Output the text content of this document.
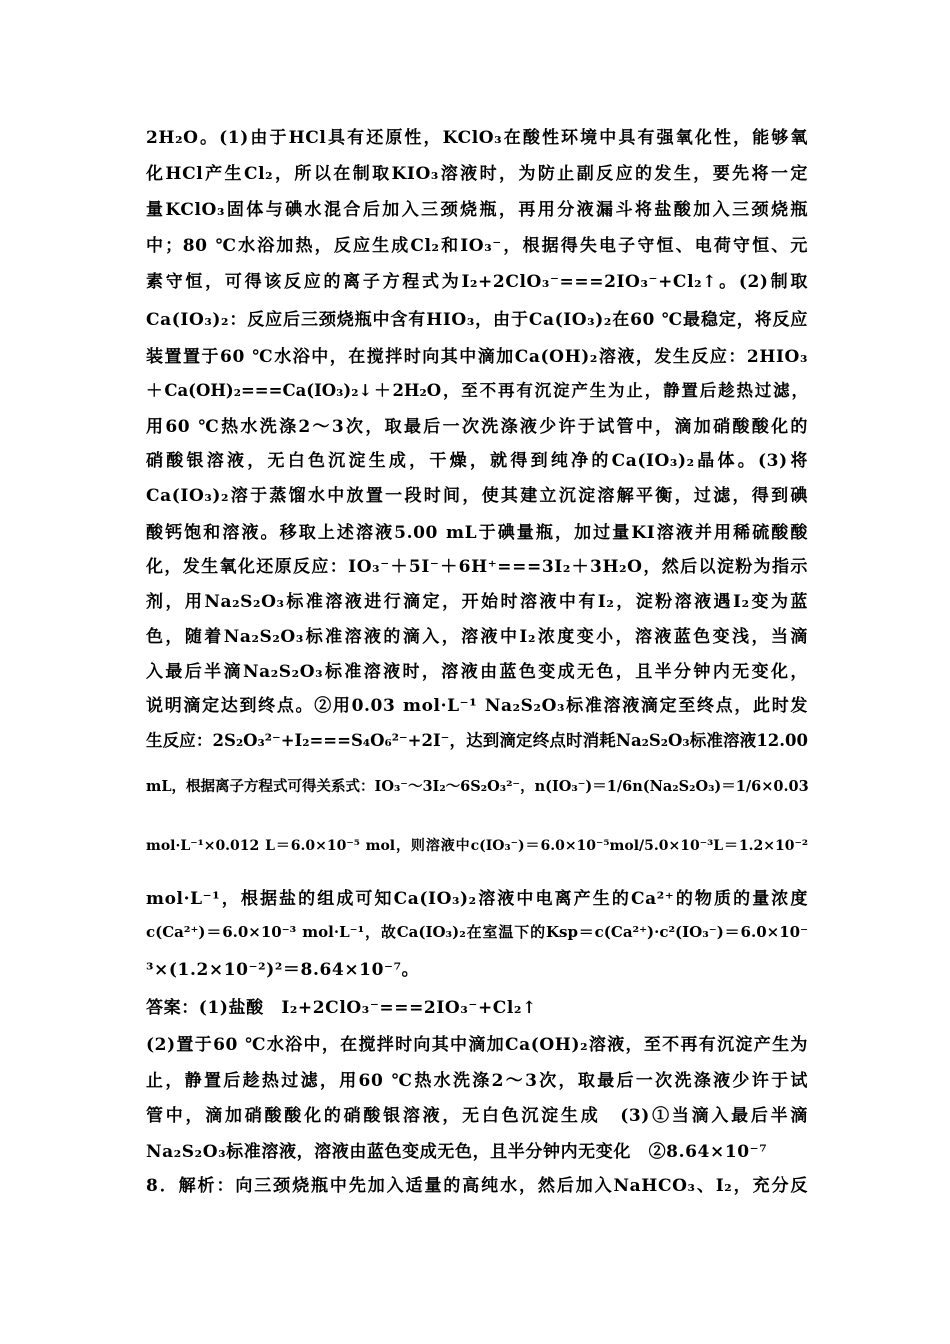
2H₂O。(1)由于HCl具有还原性，KClO₃在酸性环境中具有强氧化性，能够氧
化HCl产生Cl₂，所以在制取KIO₃溶液时，为防止副反应的发生，要先将一定
量KClO₃固体与碘水混合后加入三颈烧瓶，再用分液漏斗将盐酸加入三颈烧瓶
中；80 ℃水浴加热，反应生成Cl₂和IO₃⁻，根据得失电子守恒、电荷守恒、元
素守恒，可得该反应的离子方程式为I₂+2ClO₃⁻===2IO₃⁻+Cl₂↑。(2)制取
Ca(IO₃)₂：反应后三颈烧瓶中含有HIO₃，由于Ca(IO₃)₂在60 ℃最稳定，将反应
装置置于60 ℃水浴中，在搅拌时向其中滴加Ca(OH)₂溶液，发生反应：2HIO₃
＋Ca(OH)₂===Ca(IO₃)₂↓＋2H₂O，至不再有沉淀产生为止，静置后趁热过滤，
用60 ℃热水洗涤2～3次，取最后一次洗涤液少许于试管中，滴加硝酸酸化的
硝酸银溶液，无白色沉淀生成，干燥，就得到纯净的Ca(IO₃)₂晶体。(3)将
Ca(IO₃)₂溶于蒸馏水中放置一段时间，使其建立沉淀溶解平衡，过滤，得到碘
酸钙饱和溶液。移取上述溶液5.00 mL于碘量瓶，加过量KI溶液并用稀硫酸酸
化，发生氧化还原反应：IO₃⁻＋5I⁻＋6H⁺===3I₂＋3H₂O，然后以淀粉为指示
剂，用Na₂S₂O₃标准溶液进行滴定，开始时溶液中有I₂，淀粉溶液遇I₂变为蓝
色，随着Na₂S₂O₃标准溶液的滴入，溶液中I₂浓度变小，溶液蓝色变浅，当滴
入最后半滴Na₂S₂O₃标准溶液时，溶液由蓝色变成无色，且半分钟内无变化，
说明滴定达到终点。②用0.03 mol·L⁻¹ Na₂S₂O₃标准溶液滴定至终点，此时发
生反应：2S₂O₃²⁻+I₂===S₄O₆²⁻+2I⁻，达到滴定终点时消耗Na₂S₂O₃标准溶液12.00
mL，根据离子方程式可得关系式：IO₃⁻～3I₂～6S₂O₃²⁻，n(IO₃⁻)＝1/6n(Na₂S₂O₃)＝1/6×0.03
mol·L⁻¹×0.012 L＝6.0×10⁻⁵ mol，则溶液中c(IO₃⁻)＝6.0×10⁻⁵mol/5.0×10⁻³L＝1.2×10⁻²
mol·L⁻¹，根据盐的组成可知Ca(IO₃)₂溶液中电离产生的Ca²⁺的物质的量浓度
c(Ca²⁺)＝6.0×10⁻³ mol·L⁻¹，故Ca(IO₃)₂在室温下的Ksp＝c(Ca²⁺)·c²(IO₃⁻)＝6.0×10⁻
³×(1.2×10⁻²)²＝8.64×10⁻⁷。
答案：(1)盐酸　I₂+2ClO₃⁻===2IO₃⁻+Cl₂↑
(2)置于60 ℃水浴中，在搅拌时向其中滴加Ca(OH)₂溶液，至不再有沉淀产生为
止，静置后趁热过滤，用60 ℃热水洗涤2～3次，取最后一次洗涤液少许于试
管中，滴加硝酸酸化的硝酸银溶液，无白色沉淀生成　(3)①当滴入最后半滴
Na₂S₂O₃标准溶液，溶液由蓝色变成无色，且半分钟内无变化　②8.64×10⁻⁷
8．解析：向三颈烧瓶中先加入适量的高纯水，然后加入NaHCO₃、I₂，充分反
